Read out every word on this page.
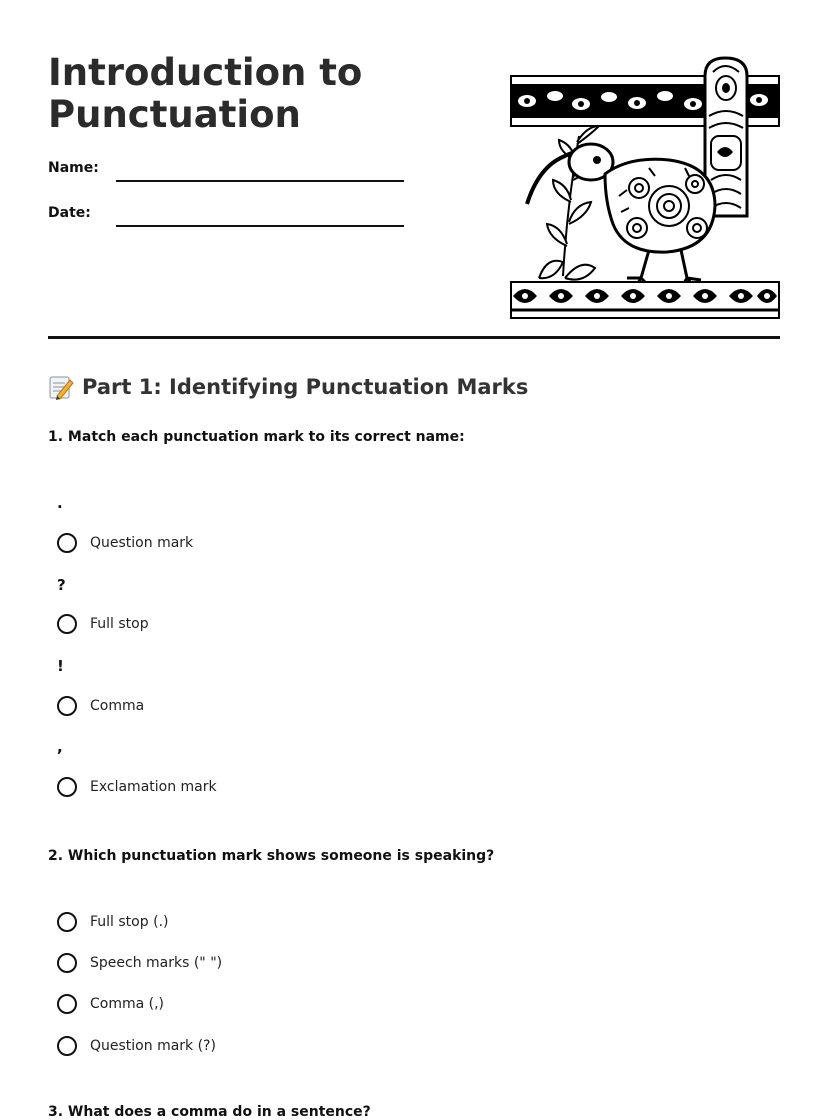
Introduction to
Punctuation
Name:
Date:
Part 1: Identifying Punctuation Marks

1. Match each punctuation mark to its correct name:

.
Question mark
?
Full stop
!
Comma
,
Exclamation mark

2. Which punctuation mark shows someone is speaking?

Full stop (.)
Speech marks (" ")
Comma (,)
Question mark (?)

3. What does a comma do in a sentence?
